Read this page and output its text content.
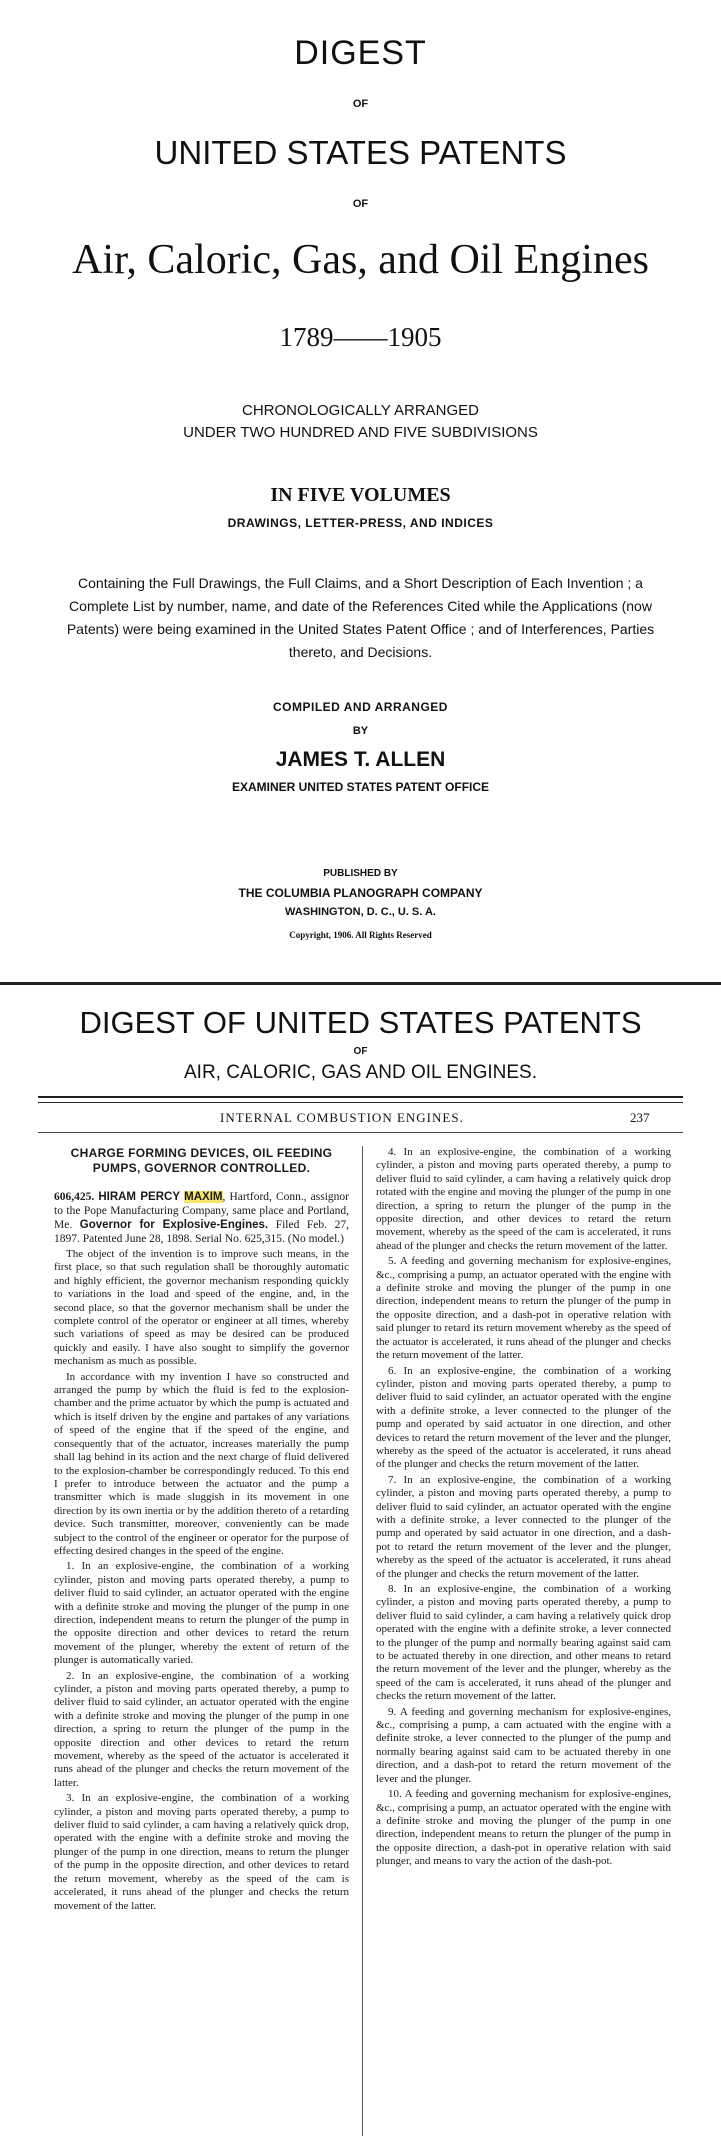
DIGEST
OF
UNITED STATES PATENTS
OF
Air, Caloric, Gas, and Oil Engines
1789——1905
CHRONOLOGICALLY ARRANGED
UNDER TWO HUNDRED AND FIVE SUBDIVISIONS
IN FIVE VOLUMES
DRAWINGS, LETTER-PRESS, AND INDICES
Containing the Full Drawings, the Full Claims, and a Short Description of Each Invention ; a Complete List by number, name, and date of the References Cited while the Applications (now Patents) were being examined in the United States Patent Office ; and of Interferences, Parties thereto, and Decisions.
COMPILED AND ARRANGED
BY
JAMES T. ALLEN
EXAMINER UNITED STATES PATENT OFFICE
PUBLISHED BY
THE COLUMBIA PLANOGRAPH COMPANY
WASHINGTON, D. C., U. S. A.
Copyright, 1906. All Rights Reserved
DIGEST OF UNITED STATES PATENTS
OF
AIR, CALORIC, GAS AND OIL ENGINES.
INTERNAL COMBUSTION ENGINES.	237
CHARGE FORMING DEVICES, OIL FEEDING PUMPS, GOVERNOR CONTROLLED.

606,425. HIRAM PERCY MAXIM, Hartford, Conn., assignor to the Pope Manufacturing Company, same place and Portland, Me. Governor for Explosive-Engines. Filed Feb. 27, 1897. Patented June 28, 1898. Serial No. 625,315. (No model.)

The object of the invention is to improve such means, in the first place, so that such regulation shall be thoroughly automatic and highly efficient, the governor mechanism responding quickly to variations in the load and speed of the engine, and, in the second place, so that the governor mechanism shall be under the complete control of the operator or engineer at all times, whereby such variations of speed as may be desired can be produced quickly and easily. I have also sought to simplify the governor mechanism as much as possible.

In accordance with my invention I have so constructed and arranged the pump by which the fluid is fed to the explosion-chamber and the prime actuator by which the pump is actuated and which is itself driven by the engine and partakes of any variations of speed of the engine that if the speed of the engine, and consequently that of the actuator, increases materially the pump shall lag behind in its action and the next charge of fluid delivered to the explosion-chamber be correspondingly reduced. To this end I prefer to introduce between the actuator and the pump a transmitter which is made sluggish in its movement in one direction by its own inertia or by the addition thereto of a retarding device. Such transmitter, moreover, conveniently can be made subject to the control of the engineer or operator for the purpose of effecting desired changes in the speed of the engine.

1. In an explosive-engine, the combination of a working cylinder, piston and moving parts operated thereby, a pump to deliver fluid to said cylinder, an actuator operated with the engine with a definite stroke and moving the plunger of the pump in one direction, independent means to return the plunger of the pump in the opposite direction and other devices to retard the return movement of the plunger, whereby the extent of return of the plunger is automatically varied.

2. In an explosive-engine, the combination of a working cylinder, a piston and moving parts operated thereby, a pump to deliver fluid to said cylinder, an actuator operated with the engine with a definite stroke and moving the plunger of the pump in one direction, a spring to return the plunger of the pump in the opposite direction and other devices to retard the return movement, whereby as the speed of the actuator is accelerated it runs ahead of the plunger and checks the return movement of the latter.

3. In an explosive-engine, the combination of a working cylinder, a piston and moving parts operated thereby, a pump to deliver fluid to said cylinder, a cam having a relatively quick drop, operated with the engine with a definite stroke and moving the plunger of the pump in one direction, means to return the plunger of the pump in the opposite direction, and other devices to retard the return movement, whereby as the speed of the cam is accelerated, it runs ahead of the plunger and checks the return movement of the latter.

4. In an explosive-engine, the combination of a working cylinder, a piston and moving parts operated thereby, a pump to deliver fluid to said cylinder, a cam having a relatively quick drop rotated with the engine and moving the plunger of the pump in one direction, a spring to return the plunger of the pump in the opposite direction, and other devices to retard the return movement, whereby as the speed of the cam is accelerated, it runs ahead of the plunger and checks the return movement of the latter.

5. A feeding and governing mechanism for explosive-engines, &c., comprising a pump, an actuator operated with the engine with a definite stroke and moving the plunger of the pump in one direction, independent means to return the plunger of the pump in the opposite direction, and a dash-pot in operative relation with said plunger to retard its return movement whereby as the speed of the actuator is accelerated, it runs ahead of the plunger and checks the return movement of the latter.

6. In an explosive-engine, the combination of a working cylinder, piston and moving parts operated thereby, a pump to deliver fluid to said cylinder, an actuator operated with the engine with a definite stroke, a lever connected to the plunger of the pump and operated by said actuator in one direction, and other devices to retard the return movement of the lever and the plunger, whereby as the speed of the actuator is accelerated, it runs ahead of the plunger and checks the return movement of the latter.

7. In an explosive-engine, the combination of a working cylinder, a piston and moving parts operated thereby, a pump to deliver fluid to said cylinder, an actuator operated with the engine with a definite stroke, a lever connected to the plunger of the pump and operated by said actuator in one direction, and a dash-pot to retard the return movement of the lever and the plunger, whereby as the speed of the actuator is accelerated, it runs ahead of the plunger and checks the return movement of the latter.

8. In an explosive-engine, the combination of a working cylinder, a piston and moving parts operated thereby, a pump to deliver fluid to said cylinder, a cam having a relatively quick drop operated with the engine with a definite stroke, a lever connected to the plunger of the pump and normally bearing against said cam to be actuated thereby in one direction, and other means to retard the return movement of the lever and the plunger, whereby as the speed of the cam is accelerated, it runs ahead of the plunger and checks the return movement of the latter.

9. A feeding and governing mechanism for explosive-engines, &c., comprising a pump, a cam actuated with the engine with a definite stroke, a lever connected to the plunger of the pump and normally bearing against said cam to be actuated thereby in one direction, and a dash-pot to retard the return movement of the lever and the plunger.

10. A feeding and governing mechanism for explosive-engines, &c., comprising a pump, an actuator operated with the engine with a definite stroke and moving the plunger of the pump in one direction, independent means to return the plunger of the pump in the opposite direction, a dash-pot in operative relation with said plunger, and means to vary the action of the dash-pot.
